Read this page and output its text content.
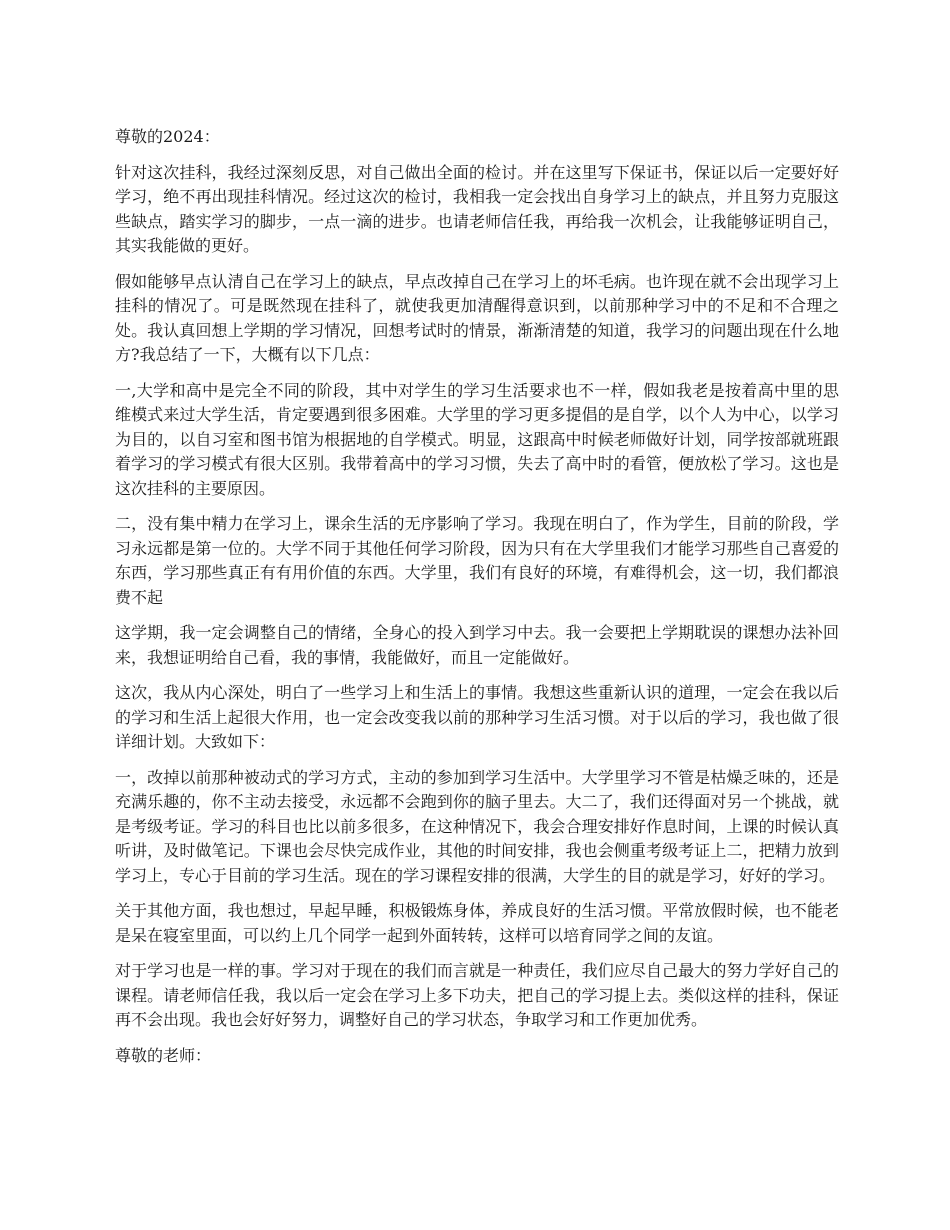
尊敬的2024：

针对这次挂科，我经过深刻反思，对自己做出全面的检讨。并在这里写下保证书，保证以后一定要好好学习，绝不再出现挂科情况。经过这次的检讨，我相我一定会找出自身学习上的缺点，并且努力克服这些缺点，踏实学习的脚步，一点一滴的进步。也请老师信任我，再给我一次机会，让我能够证明自己，其实我能做的更好。

假如能够早点认清自己在学习上的缺点，早点改掉自己在学习上的坏毛病。也许现在就不会出现学习上挂科的情况了。可是既然现在挂科了，就使我更加清醒得意识到，以前那种学习中的不足和不合理之处。我认真回想上学期的学习情况，回想考试时的情景，渐渐清楚的知道，我学习的问题出现在什么地方?我总结了一下，大概有以下几点：

一,大学和高中是完全不同的阶段，其中对学生的学习生活要求也不一样，假如我老是按着高中里的思维模式来过大学生活，肯定要遇到很多困难。大学里的学习更多提倡的是自学，以个人为中心，以学习为目的，以自习室和图书馆为根据地的自学模式。明显，这跟高中时候老师做好计划，同学按部就班跟着学习的学习模式有很大区别。我带着高中的学习习惯，失去了高中时的看管，便放松了学习。这也是这次挂科的主要原因。

二，没有集中精力在学习上，课余生活的无序影响了学习。我现在明白了，作为学生，目前的阶段，学习永远都是第一位的。大学不同于其他任何学习阶段，因为只有在大学里我们才能学习那些自己喜爱的东西，学习那些真正有有用价值的东西。大学里，我们有良好的环境，有难得机会，这一切，我们都浪费不起

这学期，我一定会调整自己的情绪，全身心的投入到学习中去。我一会要把上学期耽误的课想办法补回来，我想证明给自己看，我的事情，我能做好，而且一定能做好。

这次，我从内心深处，明白了一些学习上和生活上的事情。我想这些重新认识的道理，一定会在我以后的学习和生活上起很大作用，也一定会改变我以前的那种学习生活习惯。对于以后的学习，我也做了很详细计划。大致如下：

一，改掉以前那种被动式的学习方式，主动的参加到学习生活中。大学里学习不管是枯燥乏味的，还是充满乐趣的，你不主动去接受，永远都不会跑到你的脑子里去。大二了，我们还得面对另一个挑战，就是考级考证。学习的科目也比以前多很多，在这种情况下，我会合理安排好作息时间，上课的时候认真听讲，及时做笔记。下课也会尽快完成作业，其他的时间安排，我也会侧重考级考证上二，把精力放到学习上，专心于目前的学习生活。现在的学习课程安排的很满，大学生的目的就是学习，好好的学习。

关于其他方面，我也想过，早起早睡，积极锻炼身体，养成良好的生活习惯。平常放假时候，也不能老是呆在寝室里面，可以约上几个同学一起到外面转转，这样可以培育同学之间的友谊。

对于学习也是一样的事。学习对于现在的我们而言就是一种责任，我们应尽自己最大的努力学好自己的课程。请老师信任我，我以后一定会在学习上多下功夫，把自己的学习提上去。类似这样的挂科，保证再不会出现。我也会好好努力，调整好自己的学习状态，争取学习和工作更加优秀。

尊敬的老师：
